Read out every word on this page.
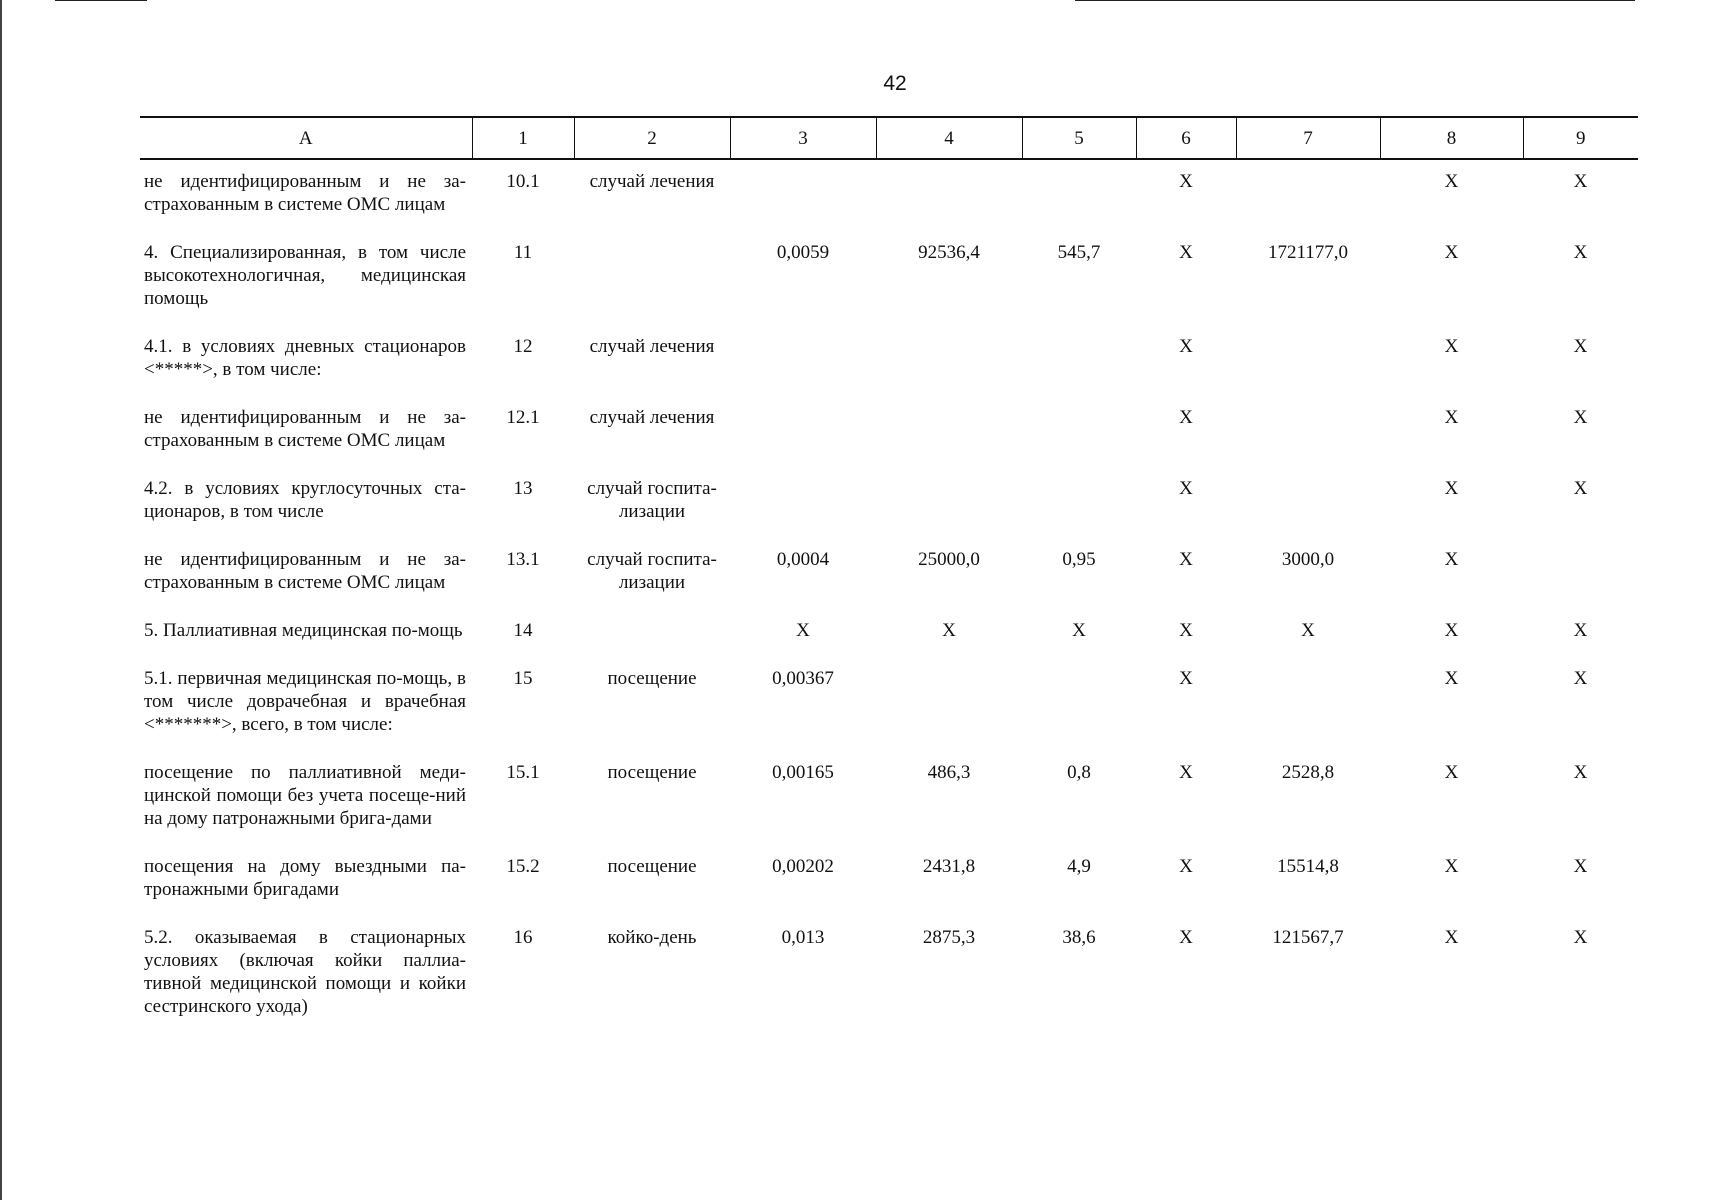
42
А	1	2	3	4	5	6	7	8	9

не идентифицированным и не за-страхованным в системе ОМС лицам	10.1	случай лечения				Х		Х	Х

4. Специализированная, в том числе высокотехнологичная, медицинская помощь	11		0,0059	92536,4	545,7	Х	1721177,0	Х	Х

4.1. в условиях дневных стационаров <*****>, в том числе:	12	случай лечения				Х		Х	Х

не идентифицированным и не за-страхованным в системе ОМС лицам	12.1	случай лечения				Х		Х	Х

4.2. в условиях круглосуточных ста-ционаров, в том числе	13	случай госпита-лизации				Х		Х	Х

не идентифицированным и не за-страхованным в системе ОМС лицам	13.1	случай госпита-лизации	0,0004	25000,0	0,95	Х	3000,0	Х	

5. Паллиативная медицинская по-мощь	14		Х	Х	Х	Х	Х	Х	Х

5.1. первичная медицинская по-мощь, в том числе доврачебная и врачебная <*******>, всего, в том числе:	15	посещение	0,00367			Х		Х	Х

посещение по паллиативной меди-цинской помощи без учета посеще-ний на дому патронажными брига-дами	15.1	посещение	0,00165	486,3	0,8	Х	2528,8	Х	Х

посещения на дому выездными па-тронажными бригадами	15.2	посещение	0,00202	2431,8	4,9	Х	15514,8	Х	Х

5.2. оказываемая в стационарных условиях (включая койки паллиа-тивной медицинской помощи и койки сестринского ухода)	16	койко-день	0,013	2875,3	38,6	Х	121567,7	Х	Х
